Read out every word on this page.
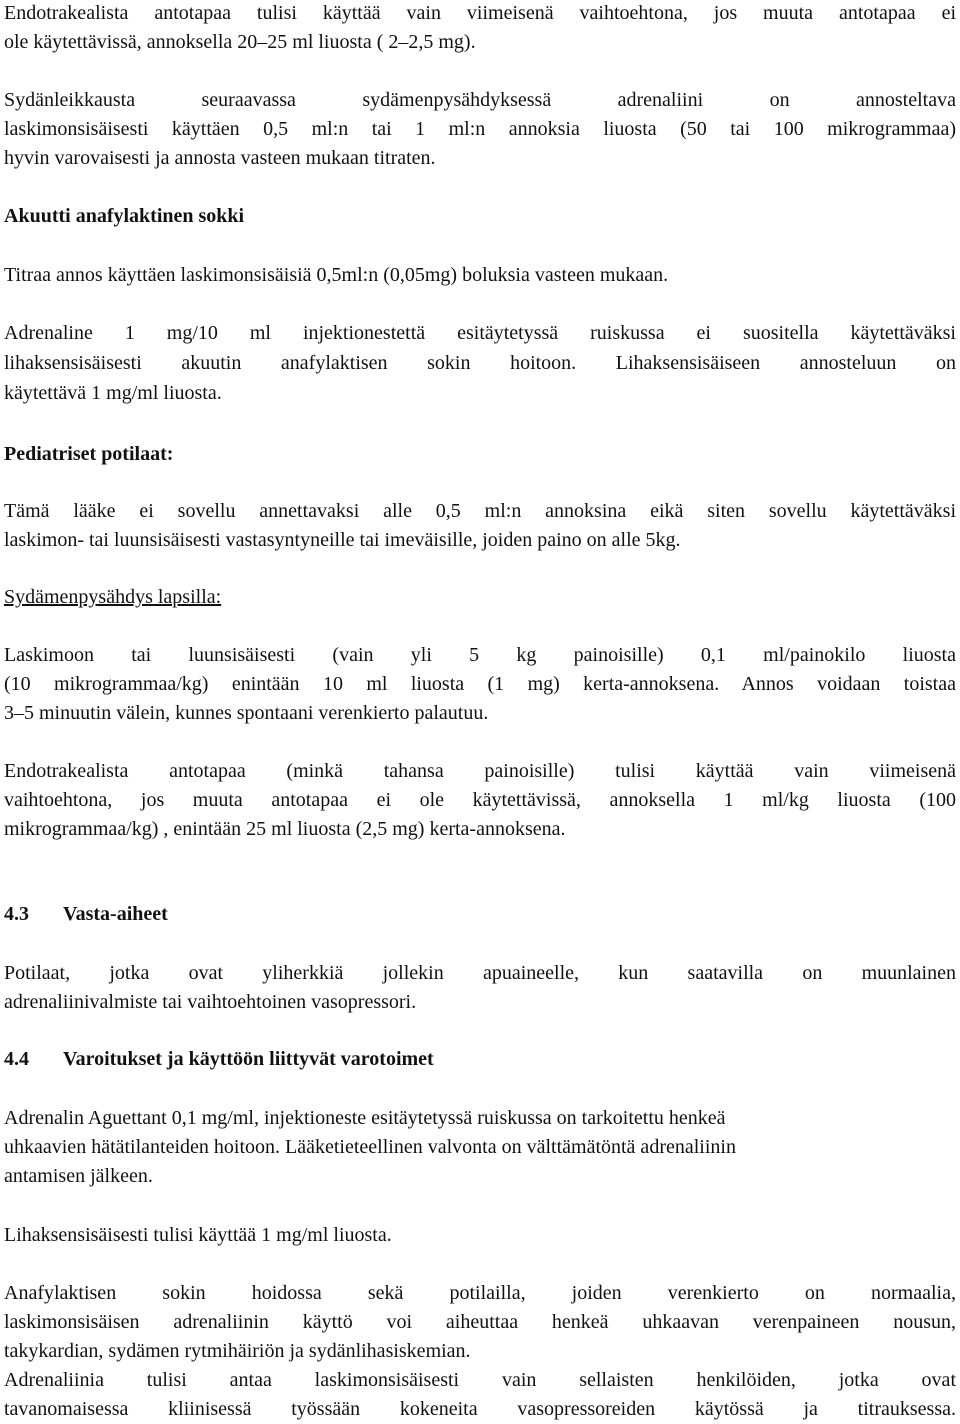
Endotrakealista antotapaa tulisi käyttää vain viimeisenä vaihtoehtona, jos muuta antotapaa ei
ole käytettävissä, annoksella 20–25 ml liuosta ( 2–2,5 mg).

Sydänleikkausta seuraavassa sydämenpysähdyksessä adrenaliini on annosteltava
laskimonsisäisesti käyttäen 0,5 ml:n tai 1 ml:n annoksia liuosta (50 tai 100 mikrogrammaa)
hyvin varovaisesti ja annosta vasteen mukaan titraten.

Akuutti anafylaktinen sokki

Titraa annos käyttäen laskimonsisäisiä 0,5ml:n (0,05mg) boluksia vasteen mukaan.

Adrenaline 1 mg/10 ml injektionestettä esitäytetyssä ruiskussa ei suositella käytettäväksi
lihaksensisäisesti akuutin anafylaktisen sokin hoitoon. Lihaksensisäiseen annosteluun on
käytettävä 1 mg/ml liuosta.

Pediatriset potilaat:

Tämä lääke ei sovellu annettavaksi alle 0,5 ml:n annoksina eikä siten sovellu käytettäväksi
laskimon- tai luunsisäisesti vastasyntyneille tai imeväisille, joiden paino on alle 5kg.

Sydämenpysähdys lapsilla:

Laskimoon tai luunsisäisesti (vain yli 5 kg painoisille) 0,1 ml/painokilo liuosta
(10 mikrogrammaa/kg) enintään 10 ml liuosta (1 mg) kerta-annoksena. Annos voidaan toistaa
3–5 minuutin välein, kunnes spontaani verenkierto palautuu.

Endotrakealista antotapaa (minkä tahansa painoisille) tulisi käyttää vain viimeisenä
vaihtoehtona, jos muuta antotapaa ei ole käytettävissä, annoksella 1 ml/kg liuosta (100
mikrogrammaa/kg) , enintään 25 ml liuosta (2,5 mg) kerta-annoksena.

4.3 Vasta-aiheet

Potilaat, jotka ovat yliherkkiä jollekin apuaineelle, kun saatavilla on muunlainen
adrenaliinivalmiste tai vaihtoehtoinen vasopressori.

4.4 Varoitukset ja käyttöön liittyvät varotoimet

Adrenalin Aguettant 0,1 mg/ml, injektioneste esitäytetyssä ruiskussa on tarkoitettu henkeä
uhkaavien hätätilanteiden hoitoon. Lääketieteellinen valvonta on välttämätöntä adrenaliinin
antamisen jälkeen.

Lihaksensisäisesti tulisi käyttää 1 mg/ml liuosta.

Anafylaktisen sokin hoidossa sekä potilailla, joiden verenkierto on normaalia,
laskimonsisäisen adrenaliinin käyttö voi aiheuttaa henkeä uhkaavan verenpaineen nousun,
takykardian, sydämen rytmihäiriön ja sydänlihasiskemian.

Adrenaliinia tulisi antaa laskimonsisäisesti vain sellaisten henkilöiden, jotka ovat
tavanomaisessa kliinisessä työssään kokeneita vasopressoreiden käytössä ja titrauksessa.
